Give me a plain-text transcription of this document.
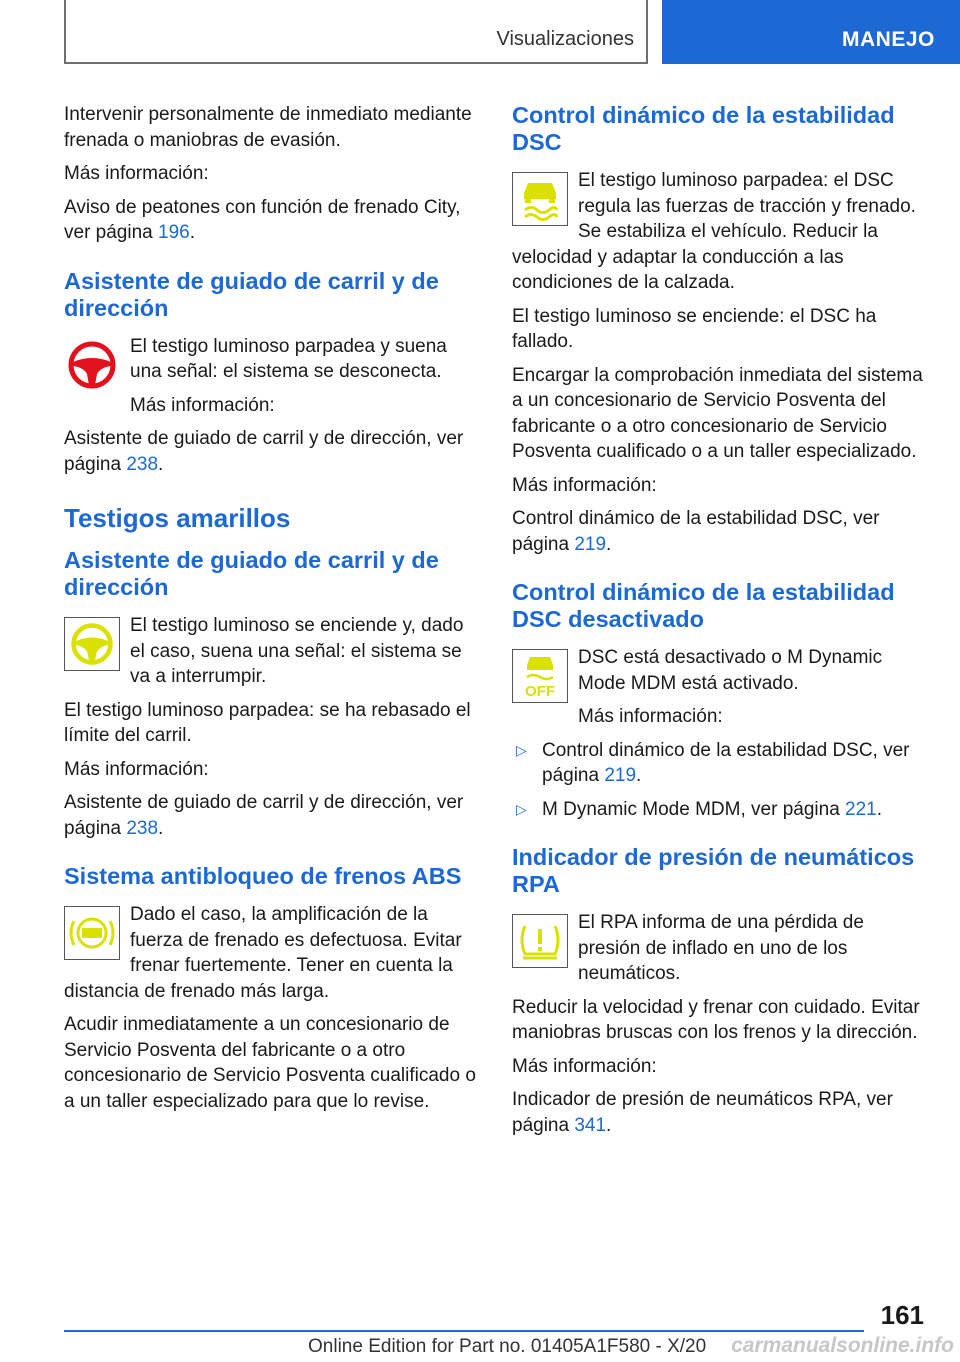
Visualizaciones	MANEJO

Intervenir personalmente de inmediato mediante frenada o maniobras de evasión.

Más información:

Aviso de peatones con función de frenado City, ver página 196.

Asistente de guiado de carril y de dirección

El testigo luminoso parpadea y suena una señal: el sistema se desconecta.

Más información:

Asistente de guiado de carril y de dirección, ver página 238.

Testigos amarillos
Asistente de guiado de carril y de dirección

El testigo luminoso se enciende y, dado el caso, suena una señal: el sistema se va a interrumpir.

El testigo luminoso parpadea: se ha rebasado el límite del carril.

Más información:

Asistente de guiado de carril y de dirección, ver página 238.

Sistema antibloqueo de frenos ABS

Dado el caso, la amplificación de la fuerza de frenado es defectuosa. Evitar frenar fuertemente. Tener en cuenta la distancia de frenado más larga.

Acudir inmediatamente a un concesionario de Servicio Posventa del fabricante o a otro concesionario de Servicio Posventa cualificado o a un taller especializado para que lo revise.

Control dinámico de la estabilidad DSC

El testigo luminoso parpadea: el DSC regula las fuerzas de tracción y frenado. Se estabiliza el vehículo. Reducir la velocidad y adaptar la conducción a las condiciones de la calzada.

El testigo luminoso se enciende: el DSC ha fallado.

Encargar la comprobación inmediata del sistema a un concesionario de Servicio Posventa del fabricante o a otro concesionario de Servicio Posventa cualificado o a un taller especializado.

Más información:

Control dinámico de la estabilidad DSC, ver página 219.

Control dinámico de la estabilidad DSC desactivado
OFF

DSC está desactivado o M Dynamic Mode MDM está activado.

Más información:

▷ Control dinámico de la estabilidad DSC, ver página 219.

▷ M Dynamic Mode MDM, ver página 221.

Indicador de presión de neumáticos RPA

El RPA informa de una pérdida de presión de inflado en uno de los neumáticos.

Reducir la velocidad y frenar con cuidado. Evitar maniobras bruscas con los frenos y la dirección.

Más información:

Indicador de presión de neumáticos RPA, ver página 341.

161
Online Edition for Part no. 01405A1F580 - X/20 carmanualsonline.info
